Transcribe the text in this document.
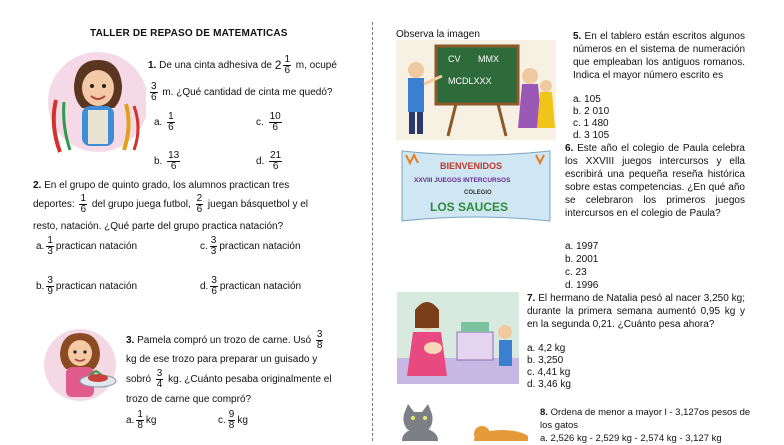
TALLER DE REPASO DE MATEMATICAS
1. De una cinta adhesiva de $2 \frac{1}{6} m$, ocupé
$\frac{3}{6} m$. ¿Qué cantidad de cinta me quedó?
a. $\frac{1}{6}$	c. $\frac{10}{6}$
b. $\frac{13}{6}$	d. $\frac{21}{6}$
2. En el grupo de quinto grado, los alumnos practican tres
deportes: $\frac{1}{6}$ del grupo juega futbol, $\frac{2}{6}$ juegan básquetbol y el
resto, natación. ¿Qué parte del grupo practica natación?
a. $\frac{1}{3}$ practican natación	c. $\frac{3}{3}$ practican natación
b. $\frac{3}{9}$ practican natación	d. $\frac{3}{6}$ practican natación
3. Pamela compró un trozo de carne. Usó $\frac{3}{8}$
kg de ese trozo para preparar un guisado y
sobró $\frac{3}{4}$ kg. ¿Cuánto pesaba originalmente el
trozo de carne que compró?
a. $\frac{1}{8}$ kg	c. $\frac{9}{8}$ kg
Observa la imagen
CV MMX
MCDLXXX
5. En el tablero están escritos algunos números en el sistema de numeración que empleaban los antiguos romanos. Indica el mayor número escrito es
a. 105
b. 2 010
c. 1 480
d. 3 105
BIENVENIDOS
XXVIII JUEGOS INTERCURSOS
COLEGIO
LOS SAUCES
6. Este año el colegio de Paula celebra los XXVIII juegos intercursos y ella escribirá una pequeña reseña histórica sobre estas competencias. ¿En qué año se celebraron los primeros juegos intercursos en el colegio de Paula?
a. 1997
b. 2001
c. 23
d. 1996
7. El hermano de Natalia pesó al nacer 3,250 kg; durante la primera semana aumentó 0,95 kg y en la segunda 0,21. ¿Cuánto pesa ahora?
a. 4,2 kg
b. 3,250
c. 4,41 kg
d. 3,46 kg
8. Ordena de menor a mayor l - 3,127os pesos de los gatos
a. 2,526 kg - 2,529 kg - 2,574 kg - 3,127 kg
